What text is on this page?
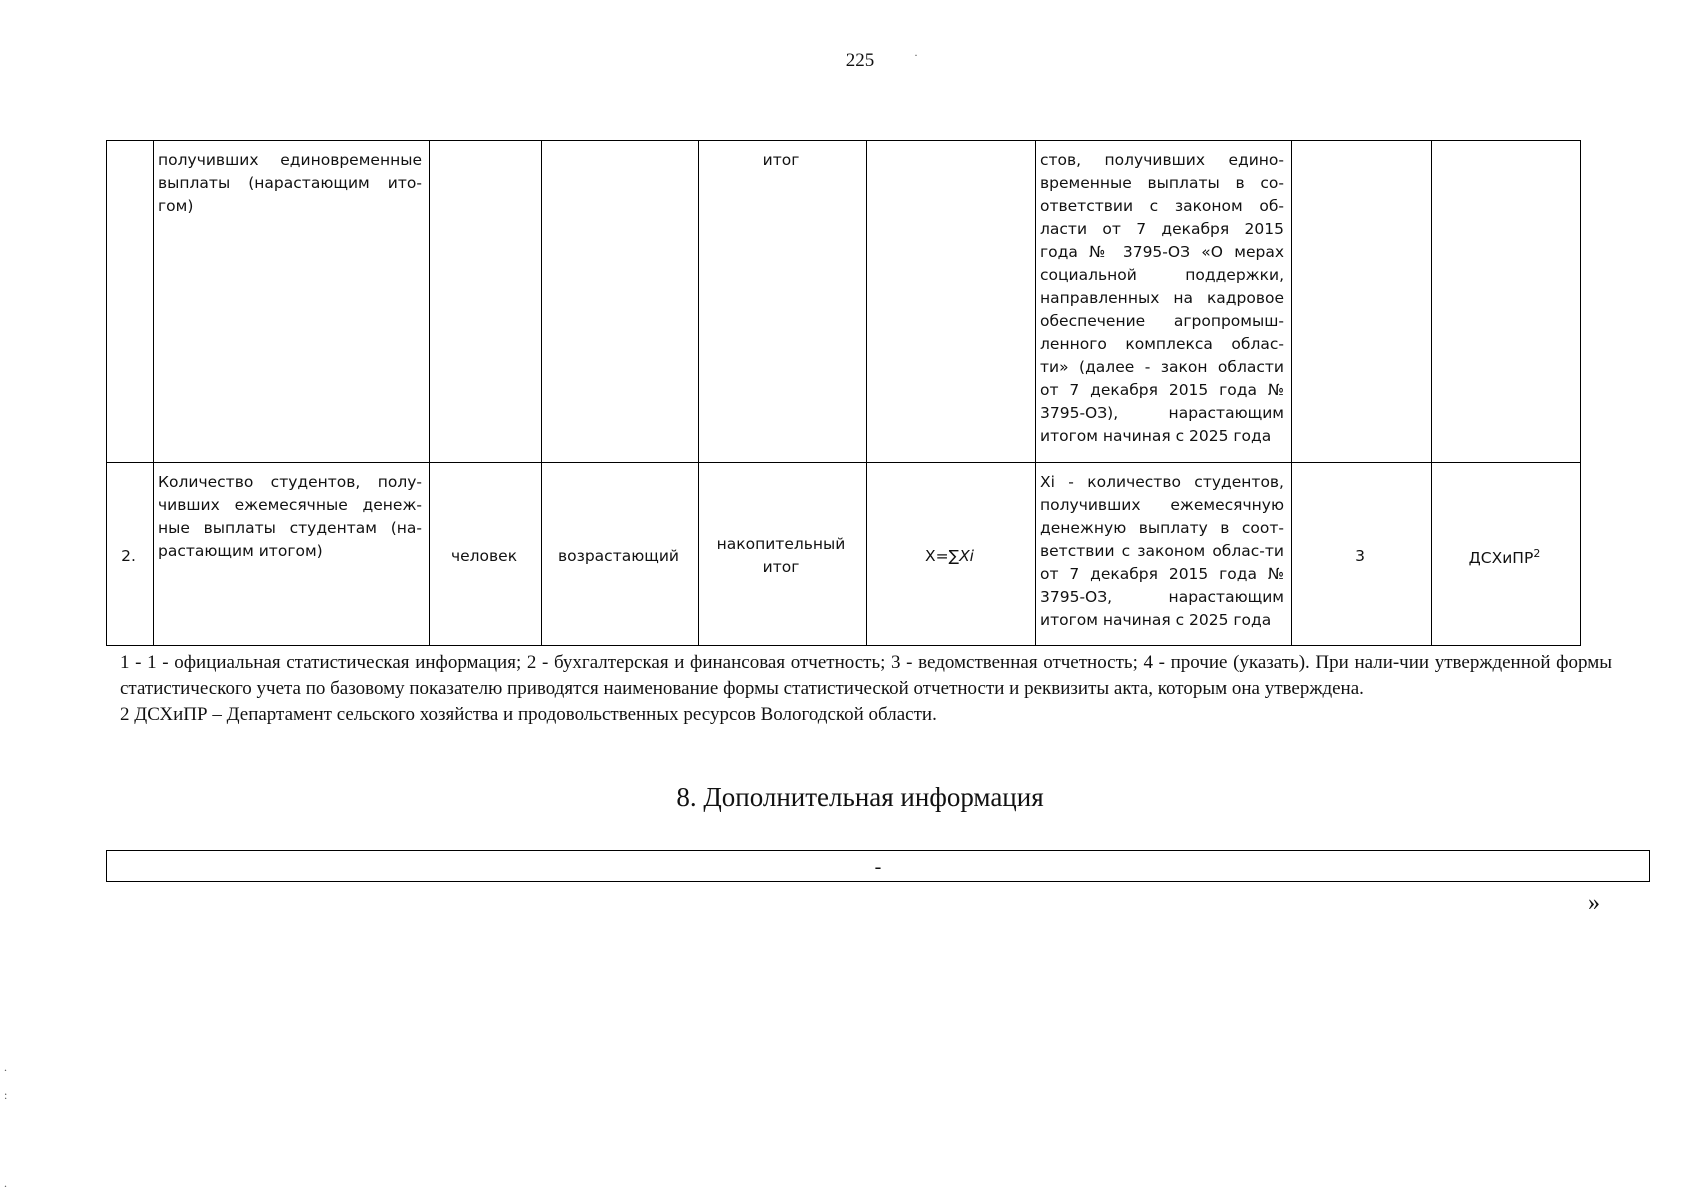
225	·
	получивших единовременные выплаты (нарастающим ито-гом)			итог		стов, получивших едино-временные выплаты в со-ответствии с законом об-ласти от 7 декабря 2015 года № 3795-ОЗ «О мерах социальной поддержки, направленных на кадровое обеспечение агропромыш-ленного комплекса облас-ти» (далее - закон области от 7 декабря 2015 года № 3795-ОЗ), нарастающим итогом начиная с 2025 года		
2.	Количество студентов, полу-чивших ежемесячные денеж-ные выплаты студентам (на-растающим итогом)	человек	возрастающий	накопительный итог	X=∑Xi	Xi - количество студентов, получивших ежемесячную денежную выплату в соот-ветствии с законом облас-ти от 7 декабря 2015 года № 3795-ОЗ, нарастающим итогом начиная с 2025 года	3	ДСХиПР$^2$

1 - 1 - официальная статистическая информация; 2 - бухгалтерская и финансовая отчетность; 3 - ведомственная отчетность; 4 - прочие (указать). При нали-чии утвержденной формы статистического учета по базовому показателю приводятся наименование формы статистической отчетности и реквизиты акта, которым она утверждена.

2 ДСХиПР – Департамент сельского хозяйства и продовольственных ресурсов Вологодской области.

8. Дополнительная информация
-
»
.
:
.
